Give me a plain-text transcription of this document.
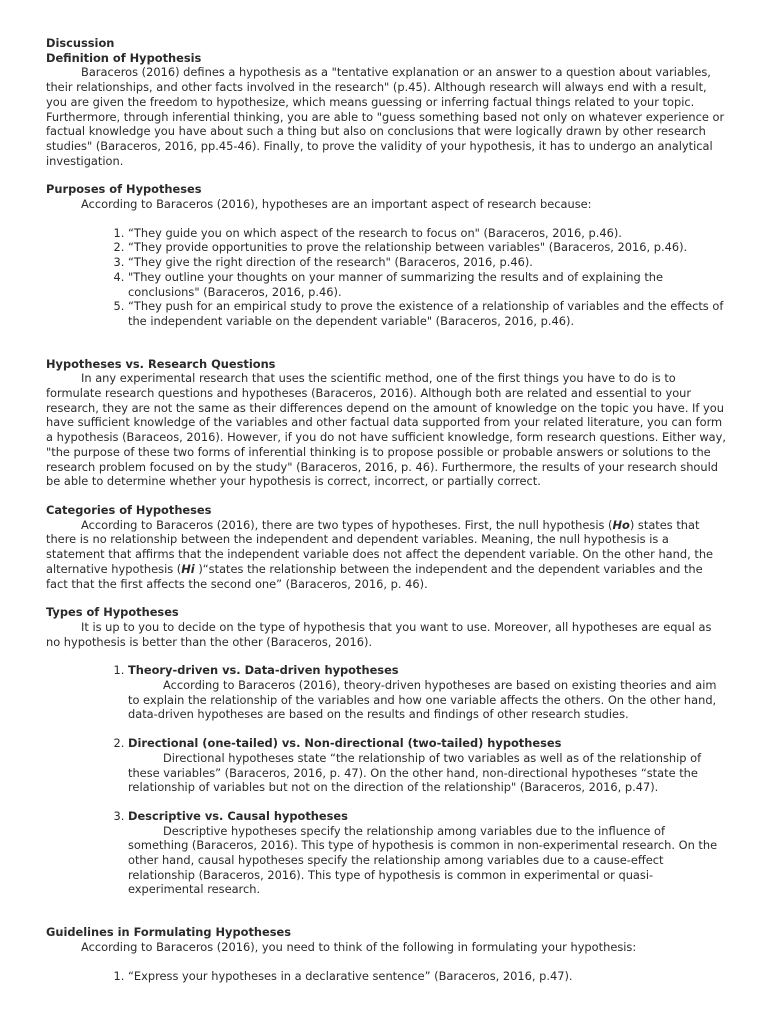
Discussion
Definition of Hypothesis

Baraceros (2016) defines a hypothesis as a "tentative explanation or an answer to a question about variables, their relationships, and other facts involved in the research" (p.45). Although research will always end with a result, you are given the freedom to hypothesize, which means guessing or inferring factual things related to your topic. Furthermore, through inferential thinking, you are able to "guess something based not only on whatever experience or factual knowledge you have about such a thing but also on conclusions that were logically drawn by other research studies" (Baraceros, 2016, pp.45-46). Finally, to prove the validity of your hypothesis, it has to undergo an analytical investigation.

Purposes of Hypotheses

According to Baraceros (2016), hypotheses are an important aspect of research because:

1. “They guide you on which aspect of the research to focus on" (Baraceros, 2016, p.46).
2. “They provide opportunities to prove the relationship between variables" (Baraceros, 2016, p.46).
3. “They give the right direction of the research" (Baraceros, 2016, p.46).
4. "They outline your thoughts on your manner of summarizing the results and of explaining the conclusions" (Baraceros, 2016, p.46).
5. “They push for an empirical study to prove the existence of a relationship of variables and the effects of the independent variable on the dependent variable" (Baraceros, 2016, p.46).
Hypotheses vs. Research Questions

In any experimental research that uses the scientific method, one of the first things you have to do is to formulate research questions and hypotheses (Baraceros, 2016). Although both are related and essential to your research, they are not the same as their differences depend on the amount of knowledge on the topic you have. If you have sufficient knowledge of the variables and other factual data supported from your related literature, you can form a hypothesis (Baraceos, 2016). However, if you do not have sufficient knowledge, form research questions. Either way, "the purpose of these two forms of inferential thinking is to propose possible or probable answers or solutions to the research problem focused on by the study" (Baraceros, 2016, p. 46). Furthermore, the results of your research should be able to determine whether your hypothesis is correct, incorrect, or partially correct.

Categories of Hypotheses

According to Baraceros (2016), there are two types of hypotheses. First, the null hypothesis (Ho) states that there is no relationship between the independent and dependent variables. Meaning, the null hypothesis is a statement that affirms that the independent variable does not affect the dependent variable. On the other hand, the alternative hypothesis (Hi )“states the relationship between the independent and the dependent variables and the fact that the first affects the second one” (Baraceros, 2016, p. 46).

Types of Hypotheses

It is up to you to decide on the type of hypothesis that you want to use. Moreover, all hypotheses are equal as no hypothesis is better than the other (Baraceros, 2016).

1. Theory-driven vs. Data-driven hypotheses
According to Baraceros (2016), theory-driven hypotheses are based on existing theories and aim to explain the relationship of the variables and how one variable affects the others. On the other hand, data-driven hypotheses are based on the results and findings of other research studies.
2. Directional (one-tailed) vs. Non-directional (two-tailed) hypotheses
Directional hypotheses state “the relationship of two variables as well as of the relationship of these variables” (Baraceros, 2016, p. 47). On the other hand, non-directional hypotheses “state the relationship of variables but not on the direction of the relationship" (Baraceros, 2016, p.47).
3. Descriptive vs. Causal hypotheses
Descriptive hypotheses specify the relationship among variables due to the influence of something (Baraceros, 2016). This type of hypothesis is common in non-experimental research. On the other hand, causal hypotheses specify the relationship among variables due to a cause-effect relationship (Baraceros, 2016). This type of hypothesis is common in experimental or quasi-experimental research.
Guidelines in Formulating Hypotheses

According to Baraceros (2016), you need to think of the following in formulating your hypothesis:

1. “Express your hypotheses in a declarative sentence” (Baraceros, 2016, p.47).
